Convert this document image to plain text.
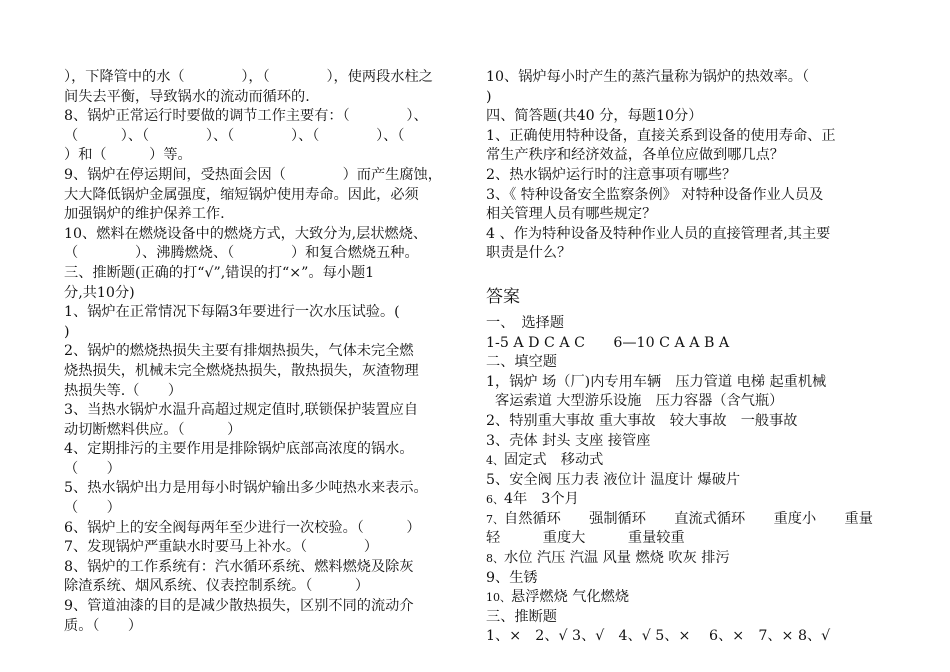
），下降管中的水（　　　　），（　　　　），使两段水柱之
间失去平衡，导致锅水的流动而循环的.
8、锅炉正常运行时要做的调节工作主要有：（　　　　）、
（　　　）、（　　　　）、（　　　　）、（　　　　）、（
）和（　　　）等。
9、锅炉在停运期间，受热面会因（　　　　）而产生腐蚀，
大大降低锅炉金属强度，缩短锅炉使用寿命。因此，必须
加强锅炉的维护保养工作.
10、燃料在燃烧设备中的燃烧方式，大致分为,层状燃烧、
（　　　　）、沸腾燃烧、（　　　　）和复合燃烧五种。
三、推断题(正确的打“√”,错误的打“×”。每小题1
分,共10分)
1、锅炉在正常情况下每隔3年要进行一次水压试验。(
)
2、锅炉的燃烧热损失主要有排烟热损失，气体未完全燃
烧热损失，机械未完全燃烧热损失，散热损失，灰渣物理
热损失等.（　　）
3、当热水锅炉水温升高超过规定值时,联锁保护装置应自
动切断燃料供应。（　　　）
4、定期排污的主要作用是排除锅炉底部高浓度的锅水。
（　　）
5、热水锅炉出力是用每小时锅炉输出多少吨热水来表示。
（　　）
6、锅炉上的安全阀每两年至少进行一次校验。（　　　）
7、发现锅炉严重缺水时要马上补水。（　　　　）
8、锅炉的工作系统有：汽水循环系统、燃料燃烧及除灰
除渣系统、烟风系统、仪表控制系统。（　　　）
9、管道油漆的目的是减少散热损失，区别不同的流动介
质。（　　）
10、锅炉每小时产生的蒸汽量称为锅炉的热效率。（
)
四、简答题(共40 分，每题10分）
1、正确使用特种设备，直接关系到设备的使用寿命、正
常生产秩序和经济效益，各单位应做到哪几点？
2、热水锅炉运行时的注意事项有哪些？
3、《 特种设备安全监察条例》 对特种设备作业人员及
相关管理人员有哪些规定？
4 、作为特种设备及特种作业人员的直接管理者,其主要
职责是什么？
答案
一、　选择题
1-5 A D C A C　　6—10 C A A B A
二、填空题
1，锅炉 场（厂)内专用车辆　压力管道 电梯 起重机械
客运索道 大型游乐设施　压力容器（含气瓶）
2、特别重大事故 重大事故　较大事故　一般事故
3、壳体 封头 支座 接管座
4、固定式　移动式
5、安全阀 压力表 液位计 温度计 爆破片
6、4年　3个月
7、自然循环　　强制循环　　直流式循环　　重度小　　重量
轻　　　重度大　　　重量较重
8、水位 汽压 汽温 风量 燃烧 吹灰 排污
9、生锈
10、悬浮燃烧 气化燃烧
三、推断题
1、×　2、√ 3、√　4、√ 5、×　 6、×　7、× 8、√
